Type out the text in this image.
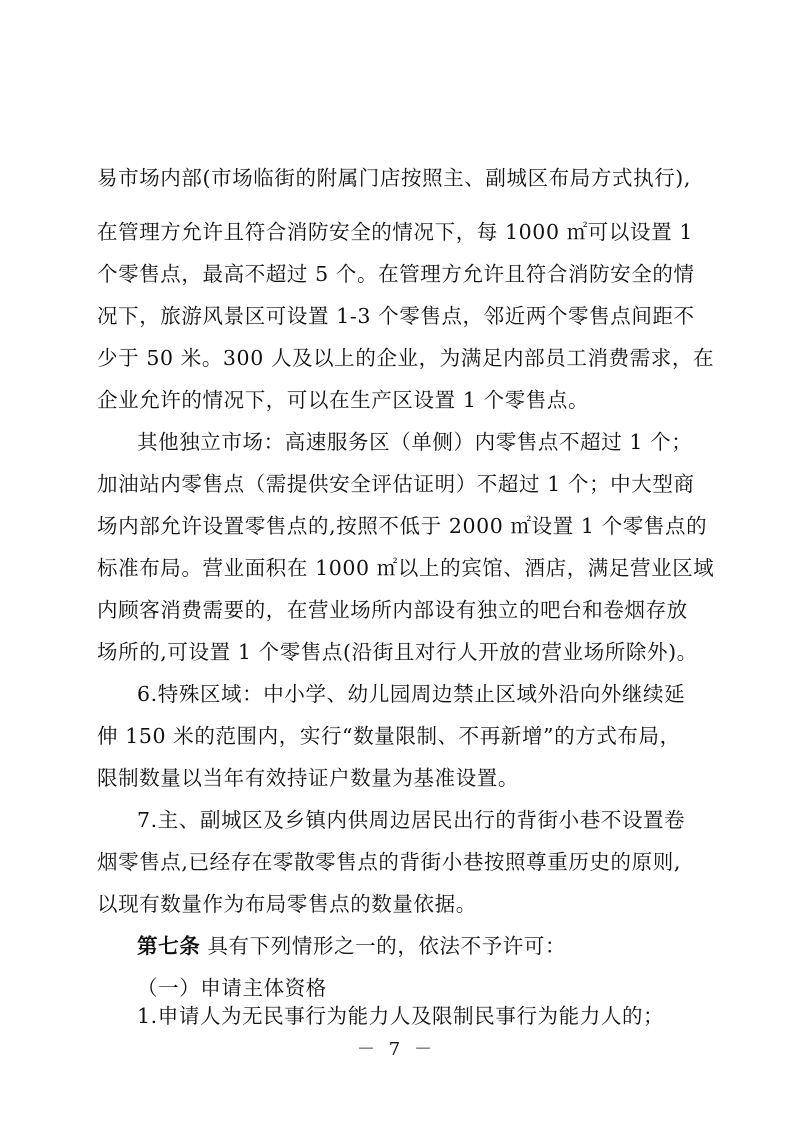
易市场内部(市场临街的附属门店按照主、副城区布局方式执行),
在管理方允许且符合消防安全的情况下，每 1000 ㎡可以设置 1
个零售点，最高不超过 5 个。在管理方允许且符合消防安全的情
况下，旅游风景区可设置 1-3 个零售点，邻近两个零售点间距不
少于 50 米。300 人及以上的企业，为满足内部员工消费需求，在
企业允许的情况下，可以在生产区设置 1 个零售点。
其他独立市场：高速服务区（单侧）内零售点不超过 1 个；
加油站内零售点（需提供安全评估证明）不超过 1 个；中大型商
场内部允许设置零售点的,按照不低于 2000 ㎡设置 1 个零售点的
标准布局。营业面积在 1000 ㎡以上的宾馆、酒店，满足营业区域
内顾客消费需要的，在营业场所内部设有独立的吧台和卷烟存放
场所的,可设置 1 个零售点(沿街且对行人开放的营业场所除外)。
6.特殊区域：中小学、幼儿园周边禁止区域外沿向外继续延
伸 150 米的范围内，实行“数量限制、不再新增”的方式布局，
限制数量以当年有效持证户数量为基准设置。
7.主、副城区及乡镇内供周边居民出行的背街小巷不设置卷
烟零售点,已经存在零散零售点的背街小巷按照尊重历史的原则,
以现有数量作为布局零售点的数量依据。
第七条 具有下列情形之一的，依法不予许可：
（一）申请主体资格
1.申请人为无民事行为能力人及限制民事行为能力人的；
－ 7 －
